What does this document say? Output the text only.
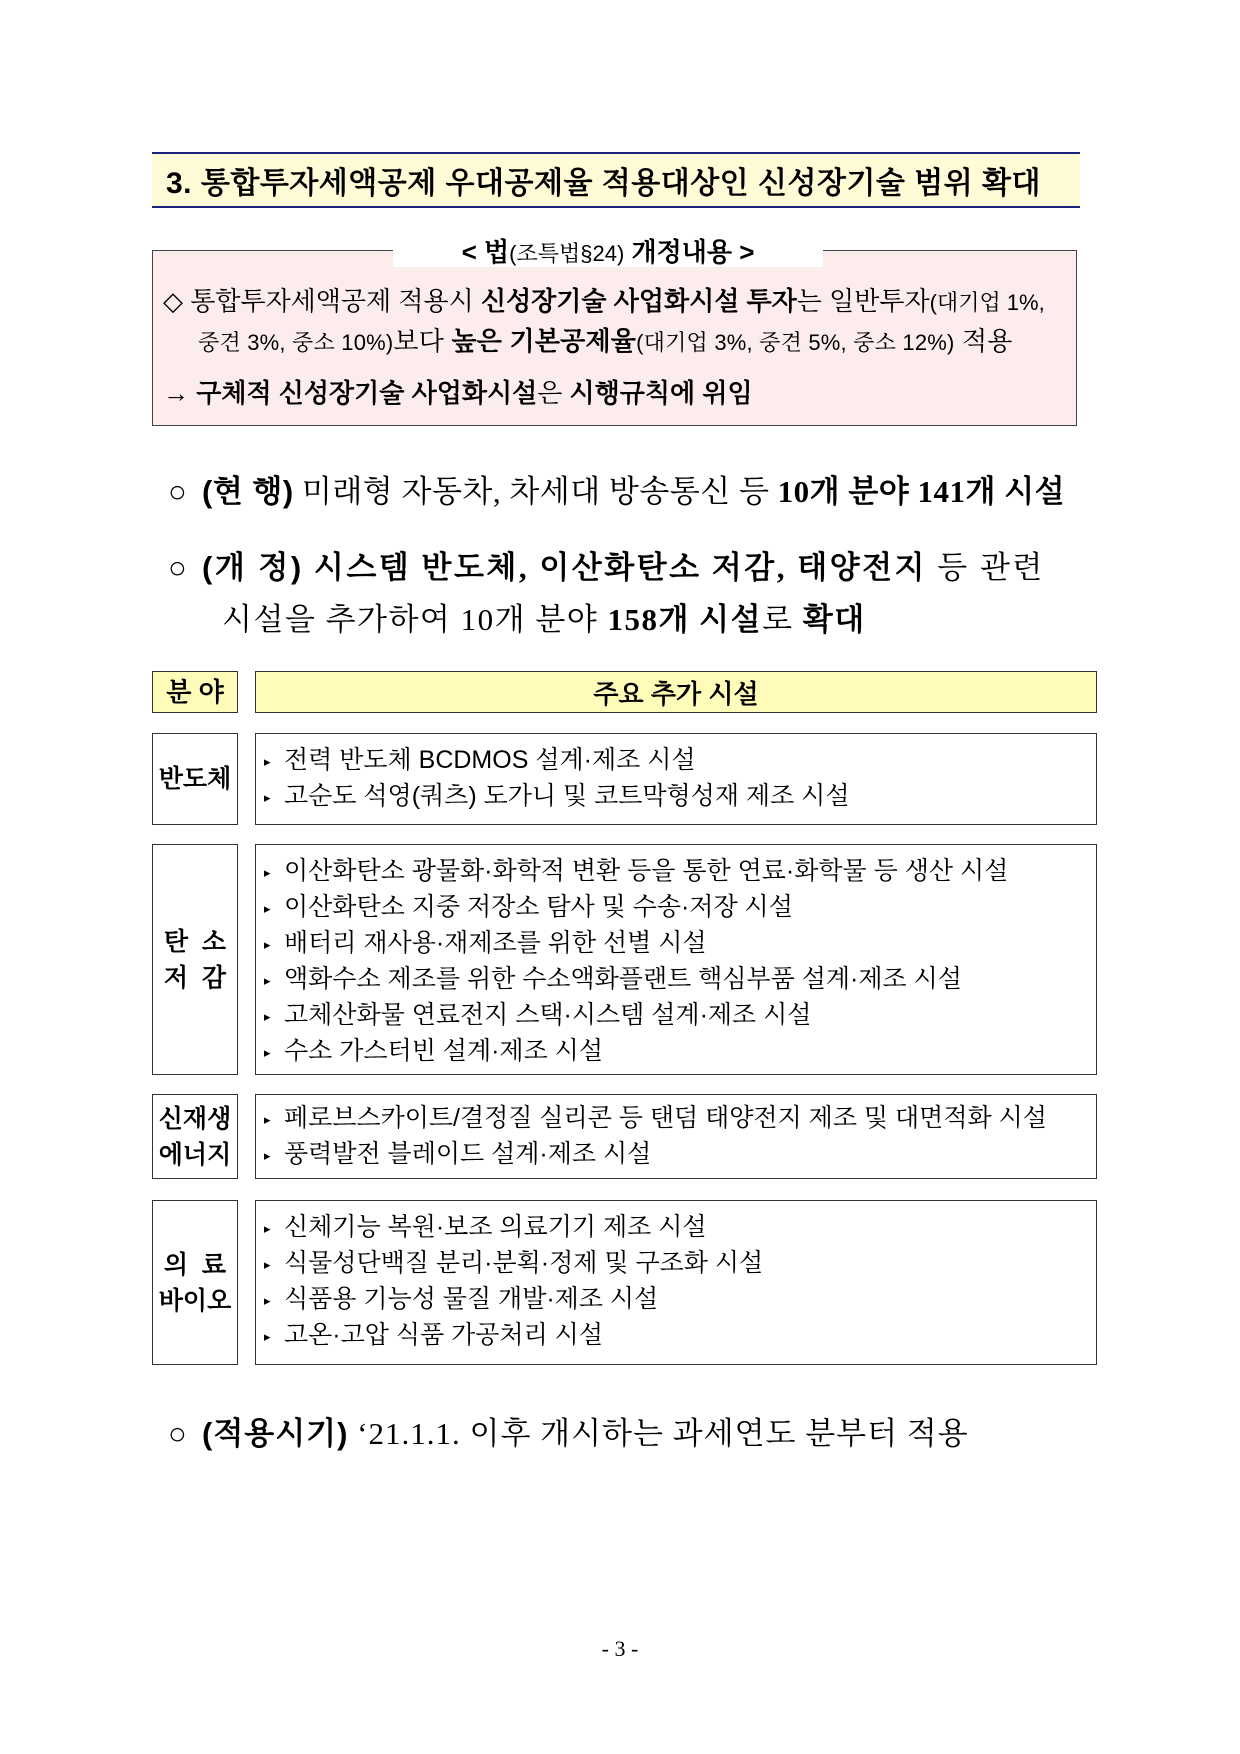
3. 통합투자세액공제 우대공제율 적용대상인 신성장기술 범위 확대
< 법(조특법§24) 개정내용 >
◇ 통합투자세액공제 적용시 신성장기술 사업화시설 투자는 일반투자(대기업 1%,
중견 3%, 중소 10%)보다 높은 기본공제율(대기업 3%, 중견 5%, 중소 12%) 적용
→ 구체적 신성장기술 사업화시설은 시행규칙에 위임
○ (현 행) 미래형 자동차, 차세대 방송통신 등 10개 분야 141개 시설
○ (개 정) 시스템 반도체, 이산화탄소 저감, 태양전지 등 관련
시설을 추가하여 10개 분야 158개 시설로 확대
분 야	주요 추가 시설
반도체
▸ 전력 반도체 BCDMOS 설계·제조 시설
▸ 고순도 석영(쿼츠) 도가니 및 코트막형성재 제조 시설
탄  소
저  감
▸ 이산화탄소 광물화·화학적 변환 등을 통한 연료·화학물 등 생산 시설
▸ 이산화탄소 지중 저장소 탐사 및 수송·저장 시설
▸ 배터리 재사용·재제조를 위한 선별 시설
▸ 액화수소 제조를 위한 수소액화플랜트 핵심부품 설계·제조 시설
▸ 고체산화물 연료전지 스택·시스템 설계·제조 시설
▸ 수소 가스터빈 설계·제조 시설
신재생
에너지
▸ 페로브스카이트/결정질 실리콘 등 탠덤 태양전지 제조 및 대면적화 시설
▸ 풍력발전 블레이드 설계·제조 시설
의  료
바이오
▸ 신체기능 복원·보조 의료기기 제조 시설
▸ 식물성단백질 분리·분획·정제 및 구조화 시설
▸ 식품용 기능성 물질 개발·제조 시설
▸ 고온·고압 식품 가공처리 시설
○ (적용시기) ‘21.1.1. 이후 개시하는 과세연도 분부터 적용
- 3 -
